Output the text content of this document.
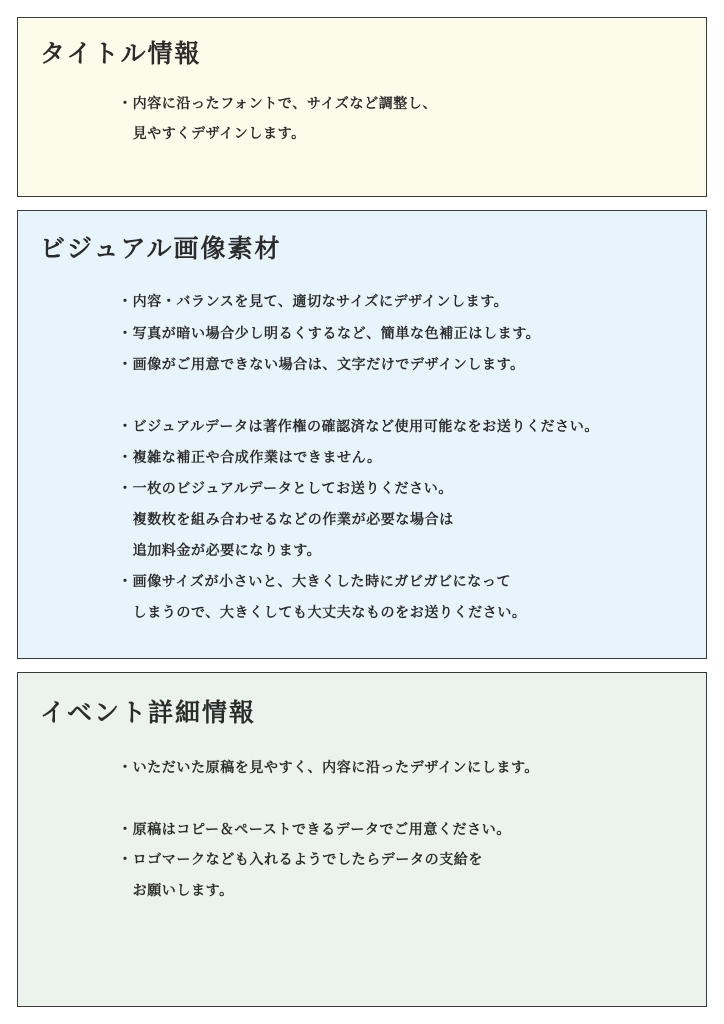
タイトル情報
・内容に沿ったフォントで、サイズなど調整し、
　見やすくデザインします。
ビジュアル画像素材
・内容・バランスを見て、適切なサイズにデザインします。
・写真が暗い場合少し明るくするなど、簡単な色補正はします。
・画像がご用意できない場合は、文字だけでデザインします。
・ビジュアルデータは著作権の確認済など使用可能なをお送りください。
・複雑な補正や合成作業はできません。
・一枚のビジュアルデータとしてお送りください。
　複数枚を組み合わせるなどの作業が必要な場合は
　追加料金が必要になります。
・画像サイズが小さいと、大きくした時にガビガビになって
　しまうので、大きくしても大丈夫なものをお送りください。
イベント詳細情報
・いただいた原稿を見やすく、内容に沿ったデザインにします。
・原稿はコピー＆ペーストできるデータでご用意ください。
・ロゴマークなども入れるようでしたらデータの支給を
　お願いします。
